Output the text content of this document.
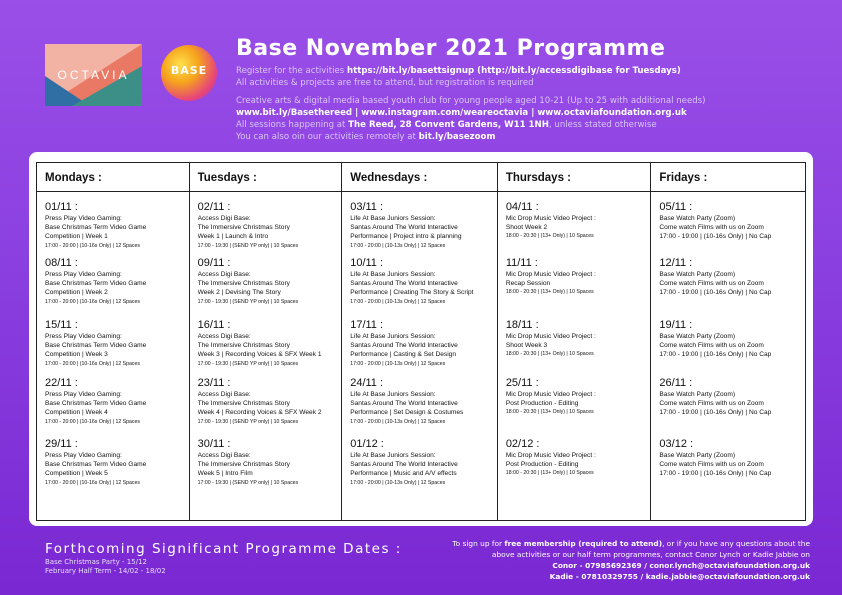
OCTAVIA	BASE
Base November 2021 Programme
Register for the activities https://bit.ly/basettsignup (http://bit.ly/accessdigibase for Tuesdays)
All activities & projects are free to attend, but registration is required
Creative arts & digital media based youth club for young people aged 10-21 (Up to 25 with additional needs)
www.bit.ly/Basethereed | www.instagram.com/weareoctavia | www.octaviafoundation.org.uk
All sessions happening at The Reed, 28 Convent Gardens, W11 1NH, unless stated otherwise
You can also oin our activities remotely at bit.ly/basezoom
Mondays :
01/11 :
Press Play Video Gaming:
Base Christmas Term Video Game
Competition | Week 1
17:00 - 20:00 | (10-16s Only) | 12 Spaces
08/11 :
Press Play Video Gaming:
Base Christmas Term Video Game
Competition | Week 2
17:00 - 20:00 | (10-16s Only) | 12 Spaces
15/11 :
Press Play Video Gaming:
Base Christmas Term Video Game
Competition | Week 3
17:00 - 20:00 | (10-16s Only) | 12 Spaces
22/11 :
Press Play Video Gaming:
Base Christmas Term Video Game
Competition | Week 4
17:00 - 20:00 | (10-16s Only) | 12 Spaces
29/11 :
Press Play Video Gaming:
Base Christmas Term Video Game
Competition | Week 5
17:00 - 20:00 | (10-16s Only) | 12 Spaces
Tuesdays :
02/11 :
Access Digi Base:
The Immersive Christmas Story
Week 1 | Launch & Intro
17:00 - 19:30 | (SEND YP only) | 10 Spaces
09/11 :
Access Digi Base:
The Immersive Christmas Story
Week 2 | Devising The Story
17:00 - 19:30 | (SEND YP only) | 10 Spaces
16/11 :
Access Digi Base:
The Immersive Christmas Story
Week 3 | Recording Voices & SFX Week 1
17:00 - 19:30 | (SEND YP only) | 10 Spaces
23/11 :
Access Digi Base:
The Immersive Christmas Story
Week 4 | Recording Voices & SFX Week 2
17:00 - 19:30 | (SEND YP only) | 10 Spaces
30/11 :
Access Digi Base:
The Immersive Christmas Story
Week 5 | Intro Film
17:00 - 19:30 | (SEND YP only) | 10 Spaces
Wednesdays :
03/11 :
Life At Base Juniors Session:
Santas Around The World Interactive
Performance | Project intro & planning
17:00 - 20:00 | (10-13s Only) | 12 Spaces
10/11 :
Life At Base Juniors Session:
Santas Around The World Interactive
Performance | Creating The Story & Script
17:00 - 20:00 | (10-13s Only) | 12 Spaces
17/11 :
Life At Base Juniors Session:
Santas Around The World Interactive
Performance | Casting & Set Design
17:00 - 20:00 | (10-13s Only) | 12 Spaces
24/11 :
Life At Base Juniors Session:
Santas Around The World Interactive
Performance | Set Design & Costumes
17:00 - 20:00 | (10-13s Only) | 12 Spaces
01/12 :
Life At Base Juniors Session:
Santas Around The World Interactive
Performance | Music and A/V effects
17:00 - 20:00 | (10-13s Only) | 12 Spaces
Thursdays :
04/11 :
Mic Drop Music Video Project :
Shoot Week 2
18:00 - 20:30 | (13+ Only) | 10 Spaces
11/11 :
Mic Drop Music Video Project :
Recap Session
18:00 - 20:30 | (13+ Only) | 10 Spaces
18/11 :
Mic Drop Music Video Project :
Shoot Week 3
18:00 - 20:30 | (13+ Only) | 10 Spaces
25/11 :
Mic Drop Music Video Project :
Post Production - Editing
18:00 - 20:30 | (13+ Only) | 10 Spaces
02/12 :
Mic Drop Music Video Project :
Post Production - Editing
18:00 - 20:30 | (13+ Only) | 10 Spaces
Fridays :
05/11 :
Base Watch Party (Zoom)
Come watch Films with us on Zoom
17:00 - 19:00 | (10-16s Only) | No Cap
12/11 :
Base Watch Party (Zoom)
Come watch Films with us on Zoom
17:00 - 19:00 | (10-16s Only) | No Cap
19/11 :
Base Watch Party (Zoom)
Come watch Films with us on Zoom
17:00 - 19:00 | (10-16s Only) | No Cap
26/11 :
Base Watch Party (Zoom)
Come watch Films with us on Zoom
17:00 - 19:00 | (10-16s Only) | No Cap
03/12 :
Base Watch Party (Zoom)
Come watch Films with us on Zoom
17:00 - 19:00 | (10-16s Only) | No Cap
Forthcoming Significant Programme Dates :
Base Christmas Party - 15/12
February Half Term - 14/02 - 18/02
To sign up for free membership (required to attend), or if you have any questions about the
above activities or our half term programmes, contact Conor Lynch or Kadie Jabbie on
Conor - 07985692369 / conor.lynch@octaviafoundation.org.uk
Kadie - 07810329755 / kadie.jabbie@octaviafoundation.org.uk
